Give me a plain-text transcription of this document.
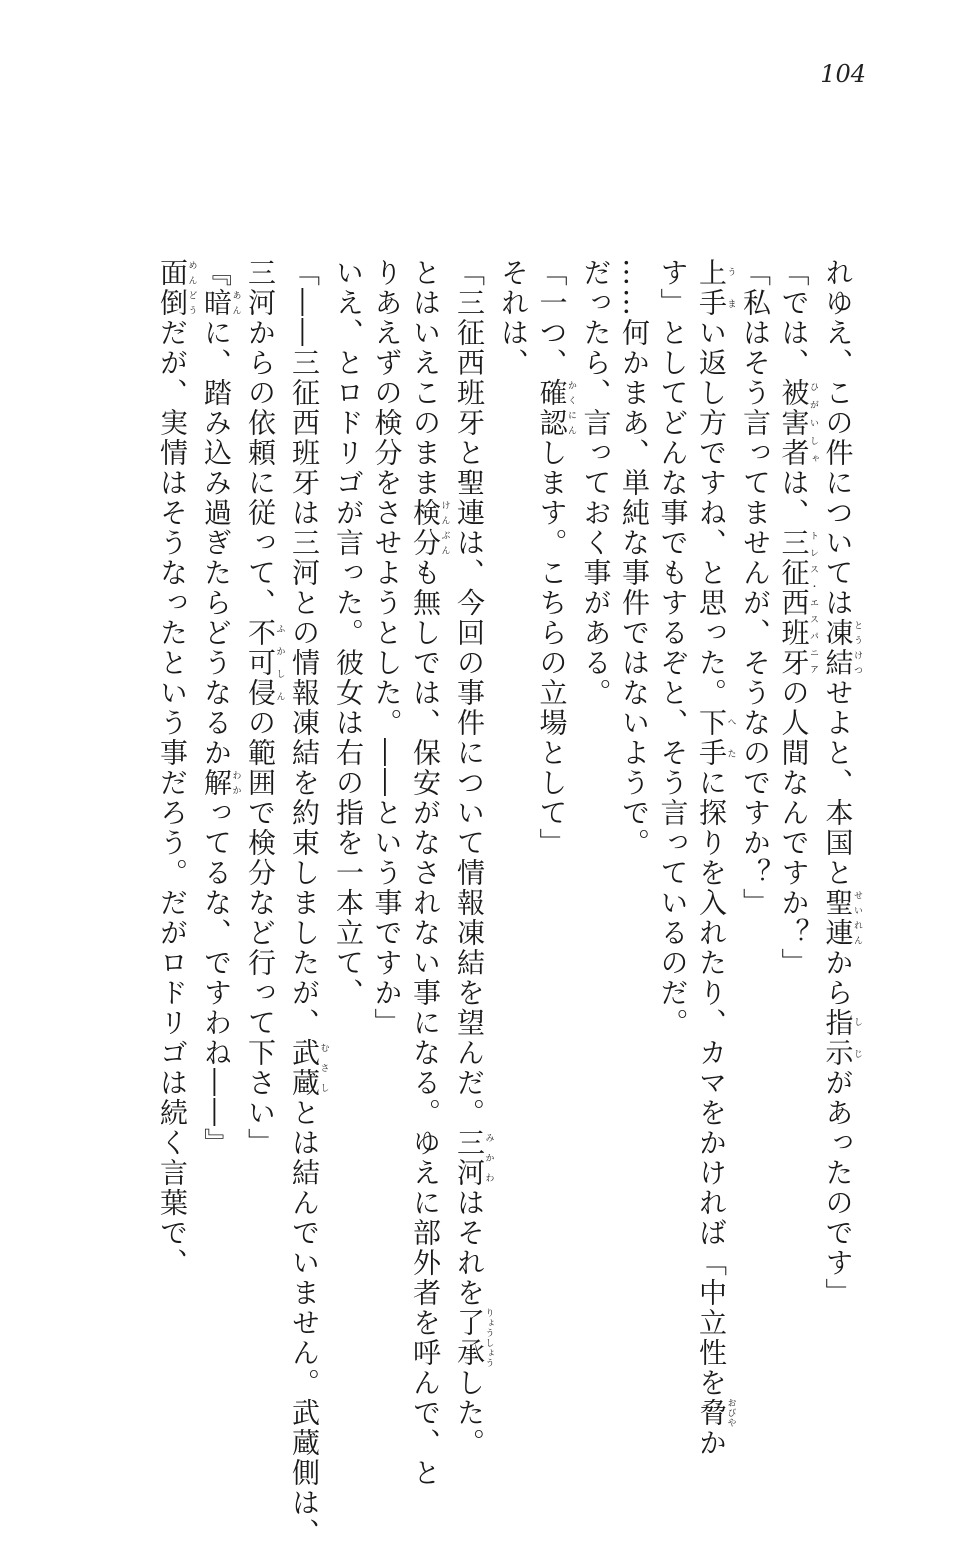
104
れゆえ、この件については凍結とうけつせよと、本国と聖連せいれんから指示しじがあったのです」
「では、被害者ひがいしゃは、三征西班牙トレス・エスパニアの人間なんですか？」
「私はそう言ってませんが、そうなのですか？」
上手うまい返し方ですね、と思った。下手へたに探りを入れたり、カマをかければ「中立性を脅おびやか
す」としてどんな事でもするぞと、そう言っているのだ。
……何かまあ、単純な事件ではないようで。
だったら、言っておく事がある。
「一つ、確認かくにんします。こちらの立場として」
それは、
「三征西班牙と聖連は、今回の事件について情報凍結を望んだ。三河みかわはそれを了承りょうしょうした。
とはいえこのまま検分けんぶんも無しでは、保安がなされない事になる。ゆえに部外者を呼んで、と
りあえずの検分をさせようとした。――という事ですか」
いえ、とロドリゴが言った。彼女は右の指を一本立て、
「――三征西班牙は三河との情報凍結を約束しましたが、武蔵むさしとは結んでいません。武蔵側は、
三河からの依頼に従って、不可侵ふかしんの範囲で検分など行って下さい」
『暗あんに、踏み込み過ぎたらどうなるか解わかってるな、ですわね――』
面倒めんどうだが、実情はそうなったという事だろう。だがロドリゴは続く言葉で、
